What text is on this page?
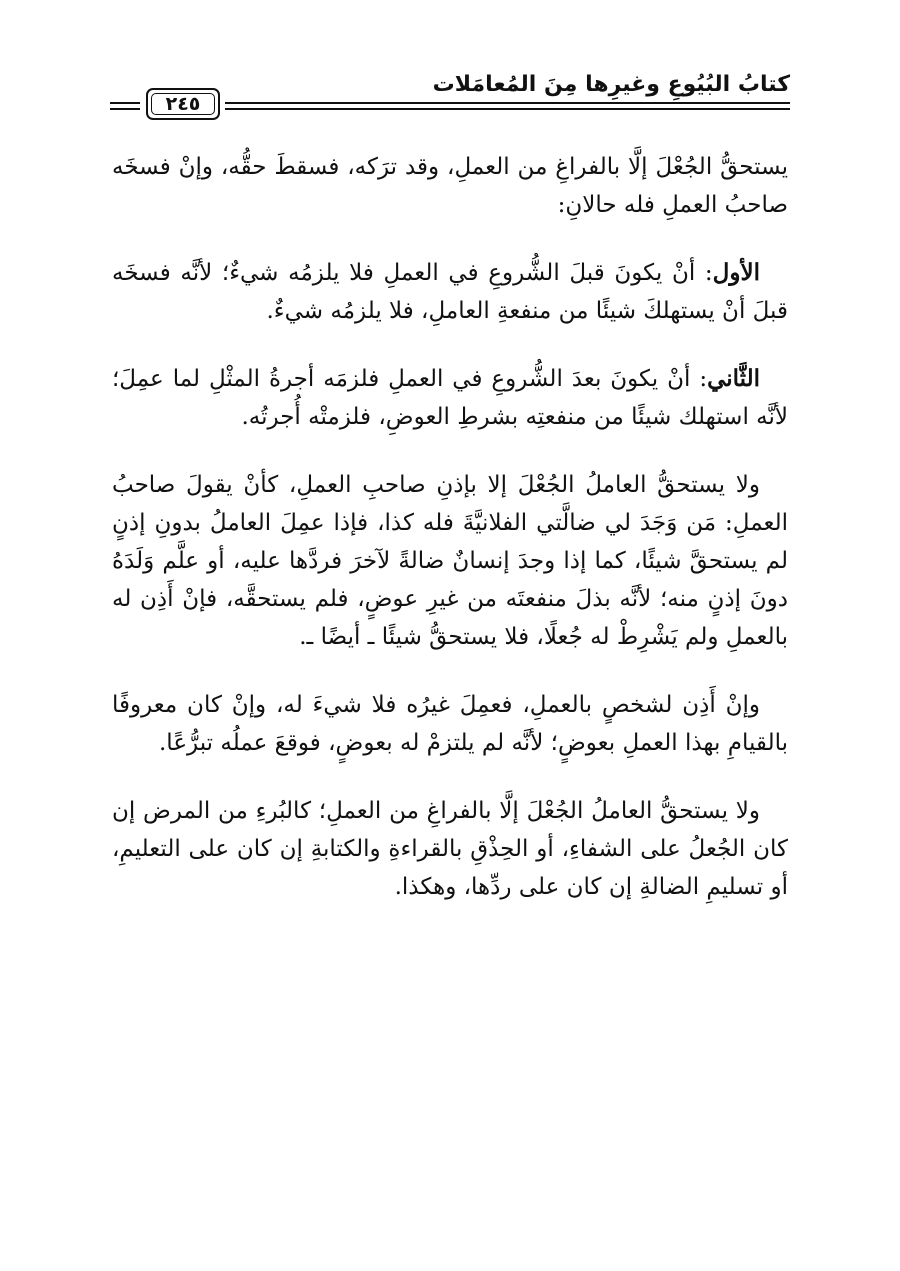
كتابُ البُيُوعِ وغيرِها مِنَ المُعامَلات
٢٤٥

يستحقُّ الجُعْلَ إلَّا بالفراغِ من العملِ، وقد ترَكه، فسقطَ حقُّه، وإنْ فسخَه صاحبُ العملِ فله حالانِ:

الأول: أنْ يكونَ قبلَ الشُّروعِ في العملِ فلا يلزمُه شيءٌ؛ لأنَّه فسخَه قبلَ أنْ يستهلكَ شيئًا من منفعةِ العاملِ، فلا يلزمُه شيءٌ.

الثَّاني: أنْ يكونَ بعدَ الشُّروعِ في العملِ فلزمَه أجرةُ المثْلِ لما عمِلَ؛ لأنَّه استهلك شيئًا من منفعتِه بشرطِ العوضِ، فلزمتْه أُجرتُه.

ولا يستحقُّ العاملُ الجُعْلَ إلا بإذنِ صاحبِ العملِ، كأنْ يقولَ صاحبُ العملِ: مَن وَجَدَ لي ضالَّتي الفلانيَّةَ فله كذا، فإذا عمِلَ العاملُ بدونِ إذنٍ لم يستحقَّ شيئًا، كما إذا وجدَ إنسانٌ ضالةً لآخرَ فردَّها عليه، أو علَّم وَلَدَهُ دونَ إذنٍ منه؛ لأنَّه بذلَ منفعتَه من غيرِ عوضٍ، فلم يستحقَّه، فإنْ أَذِن له بالعملِ ولم يَشْرِطْ له جُعلًا، فلا يستحقُّ شيئًا ـ أيضًا ـ.

وإنْ أَذِن لشخصٍ بالعملِ، فعمِلَ غيرُه فلا شيءَ له، وإنْ كان معروفًا بالقيامِ بهذا العملِ بعوضٍ؛ لأنَّه لم يلتزمْ له بعوضٍ، فوقعَ عملُه تبرُّعًا.

ولا يستحقُّ العاملُ الجُعْلَ إلَّا بالفراغِ من العملِ؛ كالبُرءِ من المرض إن كان الجُعلُ على الشفاءِ، أو الحِذْقِ بالقراءةِ والكتابةِ إن كان على التعليمِ، أو تسليمِ الضالةِ إن كان على ردِّها، وهكذا.
